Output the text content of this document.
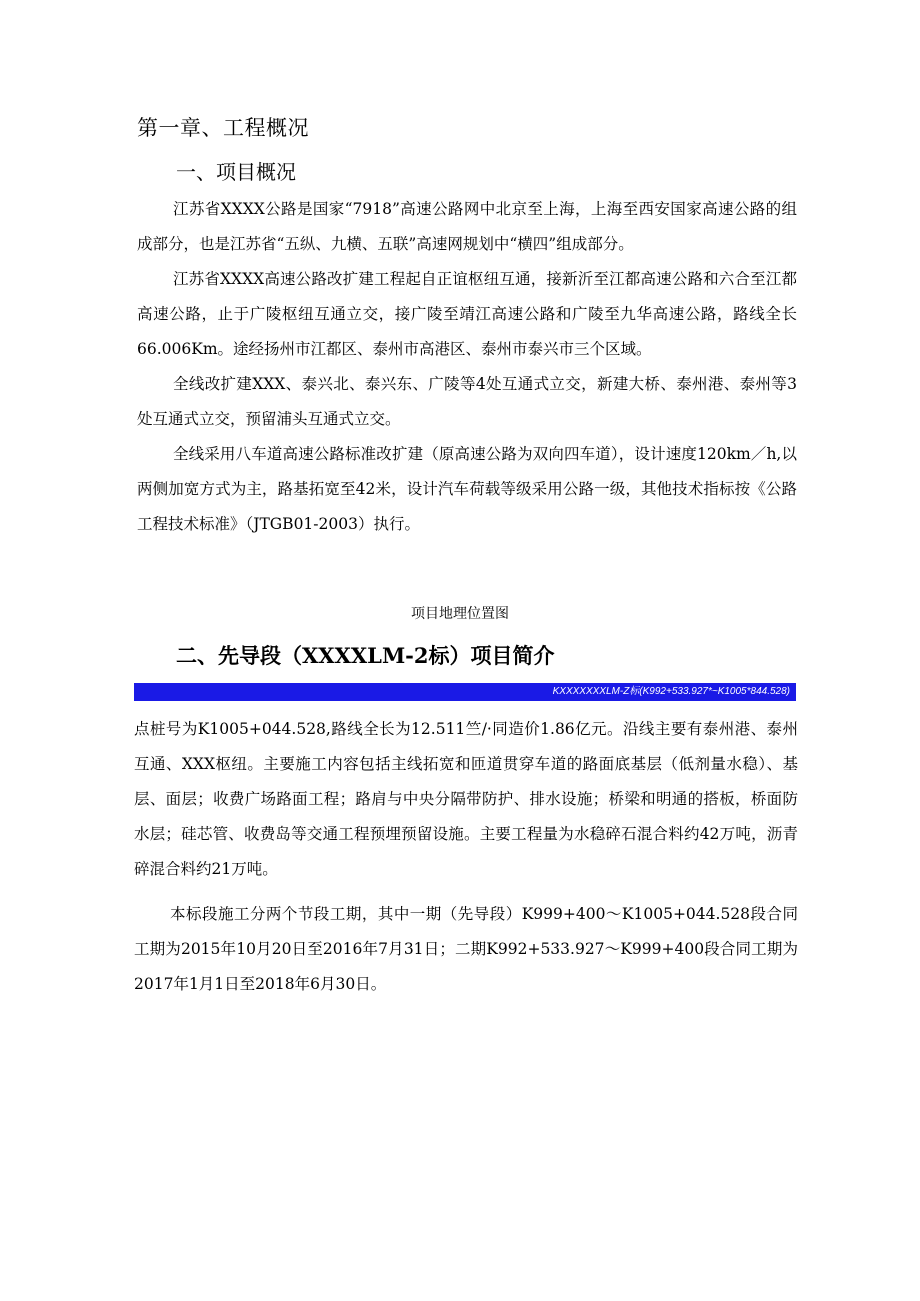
第一章、工程概况
一、项目概况

江苏省XXXX公路是国家“7918”高速公路网中北京至上海，上海至西安国家高速公路的组成部分，也是江苏省“五纵、九横、五联”高速网规划中“横四”组成部分。

江苏省XXXX高速公路改扩建工程起自正谊枢纽互通，接新沂至江都高速公路和六合至江都高速公路，止于广陵枢纽互通立交，接广陵至靖江高速公路和广陵至九华高速公路，路线全长66.006Km。途经扬州市江都区、泰州市高港区、泰州市泰兴市三个区域。

全线改扩建XXX、泰兴北、泰兴东、广陵等4处互通式立交，新建大桥、泰州港、泰州等3处互通式立交，预留浦头互通式立交。

全线采用八车道高速公路标准改扩建（原高速公路为双向四车道），设计速度120km／h,以两侧加宽方式为主，路基拓宽至42米，设计汽车荷载等级采用公路一级，其他技术指标按《公路工程技术标准》（JTGB01-2003）执行。

项目地理位置图
二、先导段（XXXXLM-2标）项目简介
KXXXXXXXLM-Z标(K992+533.927*~K1005*844.528)

点桩号为K1005+044.528,路线全长为12.511竺/·同造价1.86亿元。沿线主要有泰州港、泰州互通、XXX枢纽。主要施工内容包括主线拓宽和匝道贯穿车道的路面底基层（低剂量水稳）、基层、面层；收费广场路面工程；路肩与中央分隔带防护、排水设施；桥梁和明通的搭板，桥面防水层；硅芯管、收费岛等交通工程预埋预留设施。主要工程量为水稳碎石混合料约42万吨，沥青碎混合料约21万吨。

本标段施工分两个节段工期，其中一期（先导段）K999+400～K1005+044.528段合同工期为2015年10月20日至2016年7月31日；二期K992+533.927～K999+400段合同工期为2017年1月1日至2018年6月30日。
